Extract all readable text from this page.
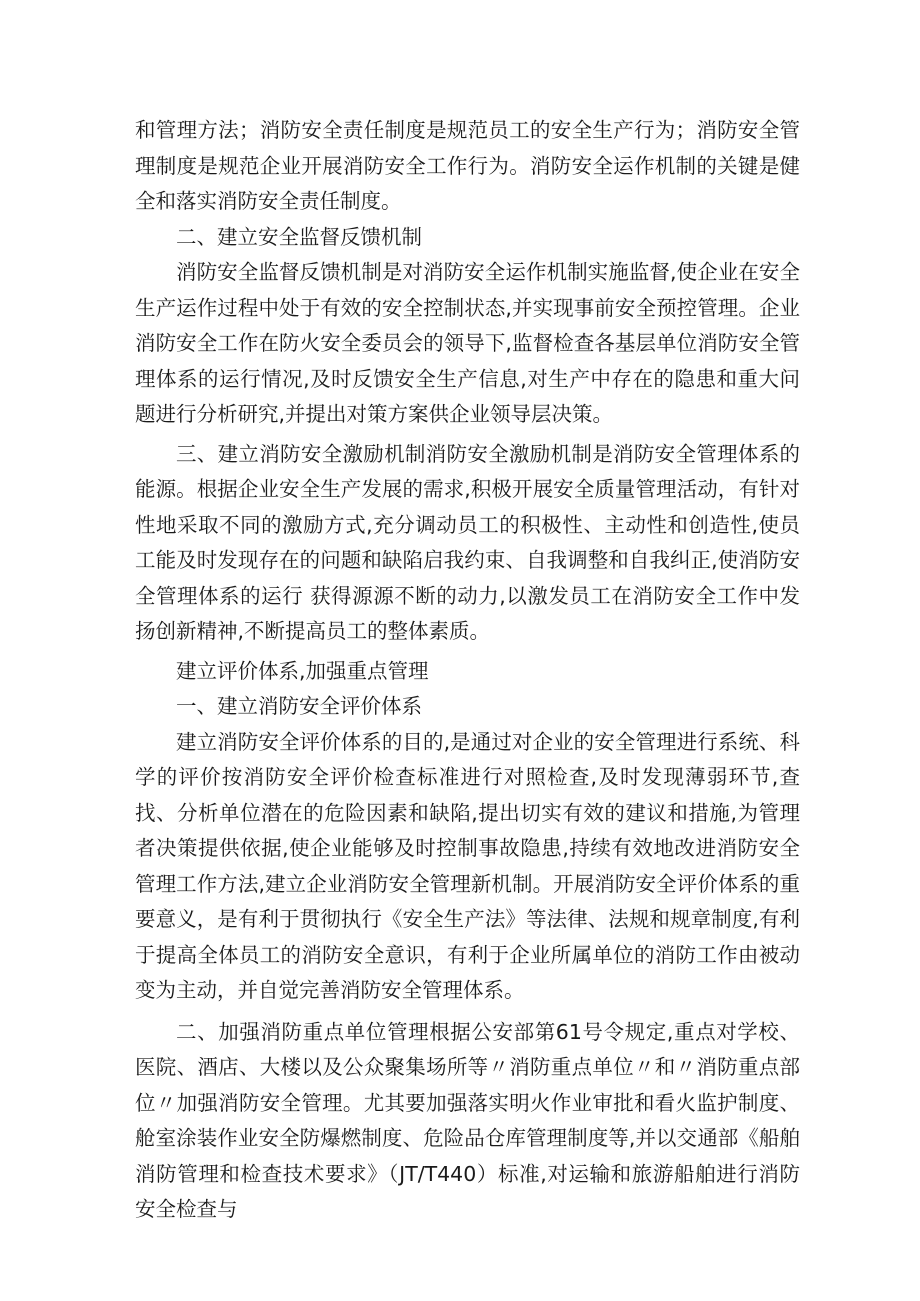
和管理方法；消防安全责任制度是规范员工的安全生产行为；消防安全管理制度是规范企业开展消防安全工作行为。消防安全运作机制的关键是健全和落实消防安全责任制度。

二、建立安全监督反馈机制

消防安全监督反馈机制是对消防安全运作机制实施监督,使企业在安全生产运作过程中处于有效的安全控制状态,并实现事前安全预控管理。企业消防安全工作在防火安全委员会的领导下,监督检查各基层单位消防安全管理体系的运行情况,及时反馈安全生产信息,对生产中存在的隐患和重大问题进行分析研究,并提出对策方案供企业领导层决策。

三、建立消防安全激励机制消防安全激励机制是消防安全管理体系的能源。根据企业安全生产发展的需求,积极开展安全质量管理活动，有针对性地采取不同的激励方式,充分调动员工的积极性、主动性和创造性,使员工能及时发现存在的问题和缺陷启我约束、自我调整和自我纠正,使消防安全管理体系的运行 获得源源不断的动力,以激发员工在消防安全工作中发扬创新精神,不断提高员工的整体素质。

建立评价体系,加强重点管理

一、建立消防安全评价体系

建立消防安全评价体系的目的,是通过对企业的安全管理进行系统、科学的评价按消防安全评价检查标准进行对照检查,及时发现薄弱环节,查找、分析单位潜在的危险因素和缺陷,提出切实有效的建议和措施,为管理者决策提供依据,使企业能够及时控制事故隐患,持续有效地改进消防安全管理工作方法,建立企业消防安全管理新机制。开展消防安全评价体系的重要意义，是有利于贯彻执行《安全生产法》等法律、法规和规章制度,有利于提高全体员工的消防安全意识，有利于企业所属单位的消防工作由被动变为主动，并自觉完善消防安全管理体系。

二、加强消防重点单位管理根据公安部第61号令规定,重点对学校、医院、酒店、大楼以及公众聚集场所等〃消防重点单位〃和〃消防重点部位〃加强消防安全管理。尤其要加强落实明火作业审批和看火监护制度、舱室涂装作业安全防爆燃制度、危险品仓库管理制度等,并以交通部《船舶消防管理和检查技术要求》（JT/T440）标准,对运输和旅游船舶进行消防安全检查与
